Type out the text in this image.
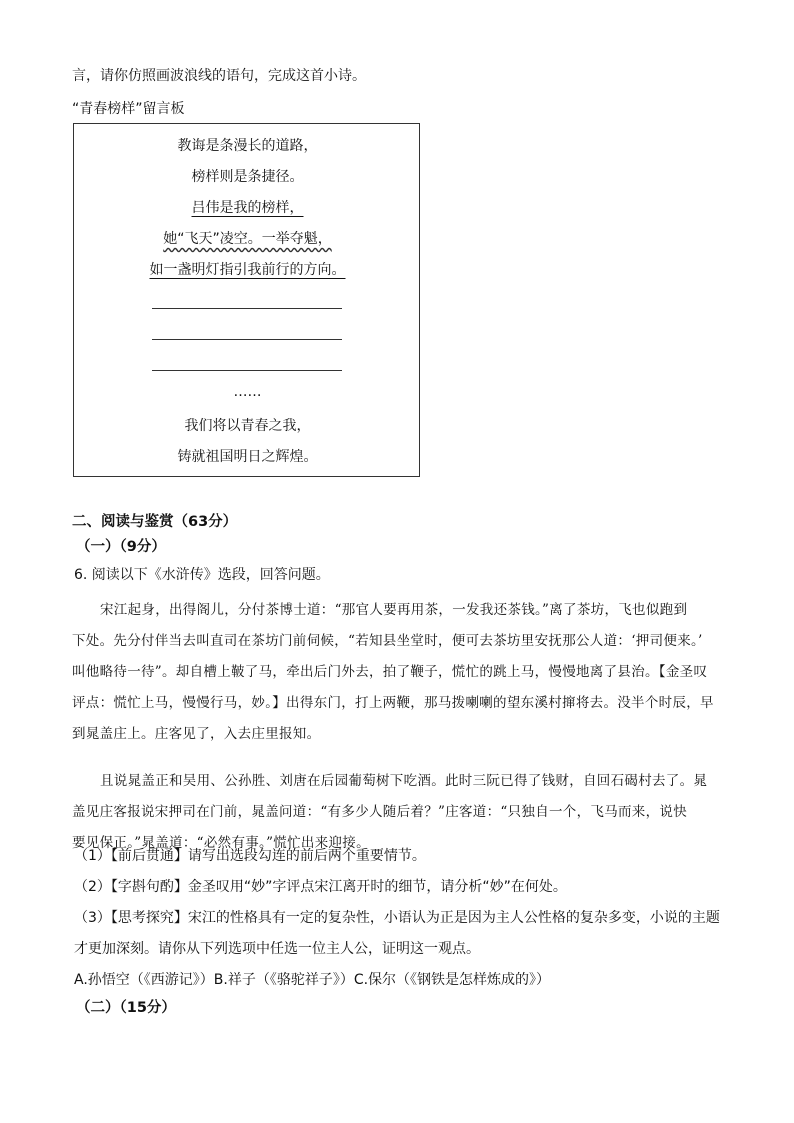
言，请你仿照画波浪线的语句，完成这首小诗。
“青春榜样”留言板
教诲是条漫长的道路，
榜样则是条捷径。
吕伟是我的榜样，
她“飞天”凌空。一举夺魁，
如一盏明灯指引我前行的方向。
……
我们将以青春之我，
铸就祖国明日之辉煌。
二、阅读与鉴赏（63分）
（一）（9分）
6. 阅读以下《水浒传》选段，回答问题。
宋江起身，出得阁儿，分付茶博士道：“那官人要再用茶，一发我还茶钱。”离了茶坊，飞也似跑到
下处。先分付伴当去叫直司在茶坊门前伺候，“若知县坐堂时，便可去茶坊里安抚那公人道：‘押司便来。’
叫他略待一待”。却自槽上鞁了马，牵出后门外去，拍了鞭子，慌忙的跳上马，慢慢地离了县治。【金圣叹
评点：慌忙上马，慢慢行马，妙。】出得东门，打上两鞭，那马拨喇喇的望东溪村撺将去。没半个时辰，早
到晁盖庄上。庄客见了，入去庄里报知。
且说晁盖正和吴用、公孙胜、刘唐在后园葡萄树下吃酒。此时三阮已得了钱财，自回石碣村去了。晁
盖见庄客报说宋押司在门前，晁盖问道：“有多少人随后着？”庄客道：“只独自一个，飞马而来，说快
要见保正。”晁盖道：“必然有事。”慌忙出来迎接。
（1）【前后贯通】请写出选段勾连的前后两个重要情节。
（2）【字斟句酌】金圣叹用“妙”字评点宋江离开时的细节，请分析“妙”在何处。
（3）【思考探究】宋江的性格具有一定的复杂性，小语认为正是因为主人公性格的复杂多变，小说的主题
才更加深刻。请你从下列选项中任选一位主人公，证明这一观点。
A.孙悟空（《西游记》）B.祥子（《骆驼祥子》）C.保尔（《钢铁是怎样炼成的》）
（二）（15分）
